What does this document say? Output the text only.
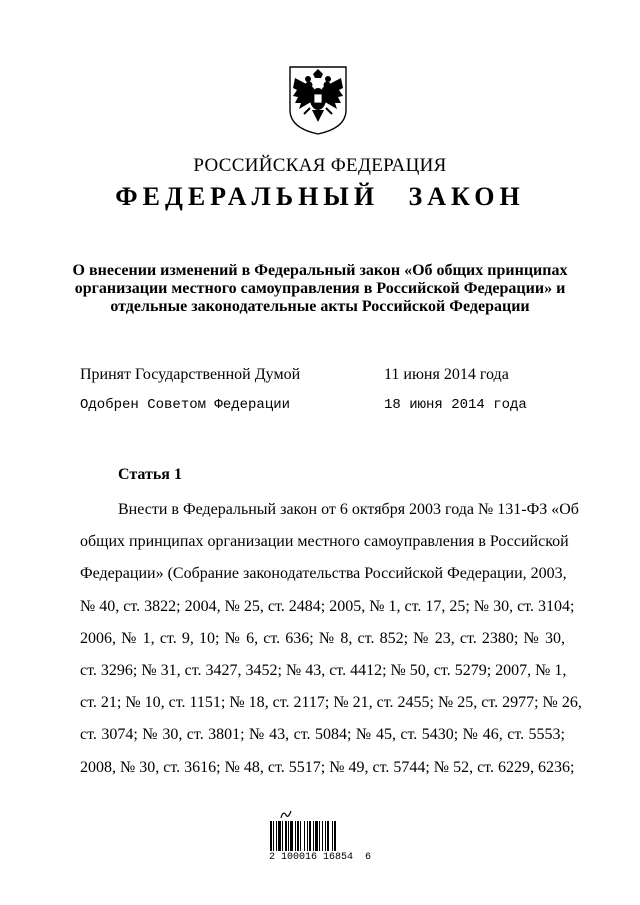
РОССИЙСКАЯ ФЕДЕРАЦИЯ
ФЕДЕРАЛЬНЫЙ ЗАКОН
О внесении изменений в Федеральный закон «Об общих принципах
организации местного самоуправления в Российской Федерации» и
отдельные законодательные акты Российской Федерации
Принят Государственной Думой	11 июня 2014 года
Одобрен Советом Федерации	18 июня 2014 года
Статья 1
Внести в Федеральный закон от 6 октября 2003 года № 131-ФЗ «Об
общих принципах организации местного самоуправления в Российской
Федерации» (Собрание законодательства Российской Федерации, 2003,
№ 40, ст. 3822; 2004, № 25, ст. 2484; 2005, № 1, ст. 17, 25; № 30, ст. 3104;
2006, № 1, ст. 9, 10; № 6, ст. 636; № 8, ст. 852; № 23, ст. 2380; № 30,
ст. 3296; № 31, ст. 3427, 3452; № 43, ст. 4412; № 50, ст. 5279; 2007, № 1,
ст. 21; № 10, ст. 1151; № 18, ст. 2117; № 21, ст. 2455; № 25, ст. 2977; № 26,
ст. 3074; № 30, ст. 3801; № 43, ст. 5084; № 45, ст. 5430; № 46, ст. 5553;
2008, № 30, ст. 3616; № 48, ст. 5517; № 49, ст. 5744; № 52, ст. 6229, 6236;
2 100016 16854  6
